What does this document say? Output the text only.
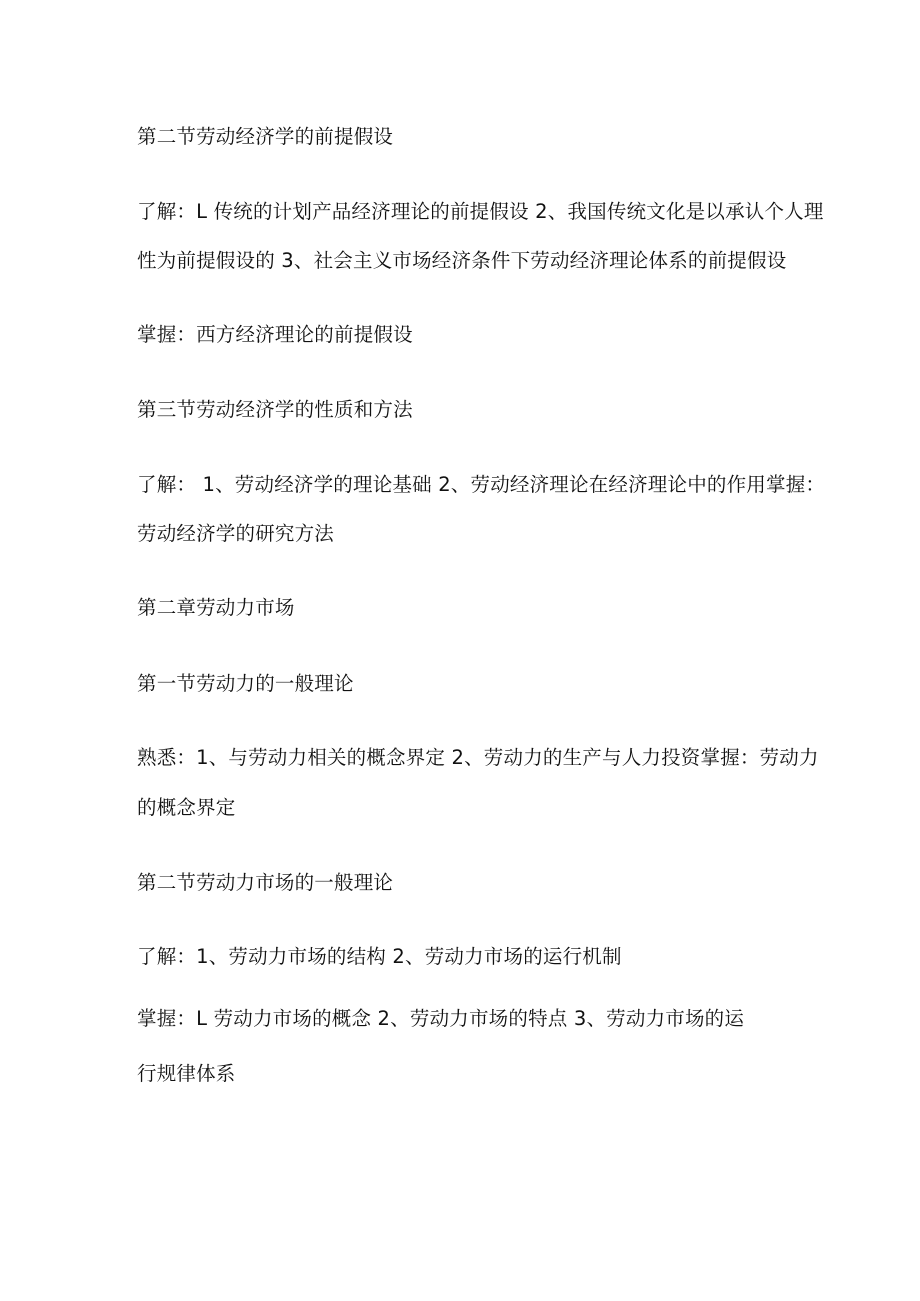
第二节劳动经济学的前提假设
了解：L 传统的计划产品经济理论的前提假设 2、我国传统文化是以承认个人理
性为前提假设的 3、社会主义市场经济条件下劳动经济理论体系的前提假设
掌握：西方经济理论的前提假设
第三节劳动经济学的性质和方法
了解： 1、劳动经济学的理论基础 2、劳动经济理论在经济理论中的作用掌握：
劳动经济学的研究方法
第二章劳动力市场
第一节劳动力的一般理论
熟悉：1、与劳动力相关的概念界定 2、劳动力的生产与人力投资掌握：劳动力
的概念界定
第二节劳动力市场的一般理论
了解：1、劳动力市场的结构 2、劳动力市场的运行机制
掌握：L 劳动力市场的概念 2、劳动力市场的特点 3、劳动力市场的运
行规律体系
